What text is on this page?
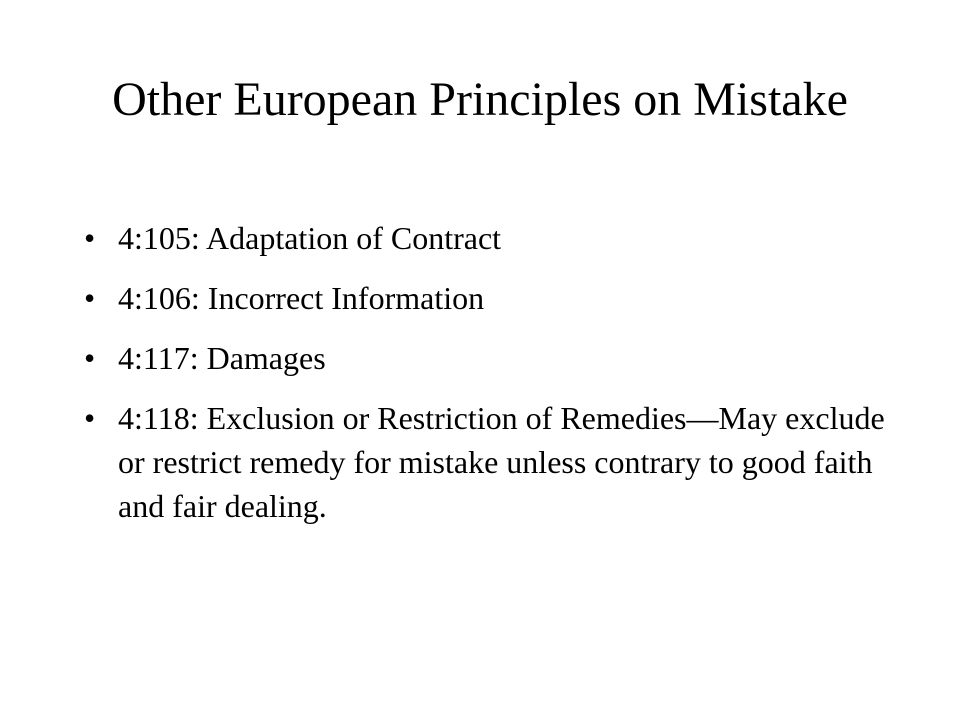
Other European Principles on Mistake
• 4:105: Adaptation of Contract
• 4:106: Incorrect Information
• 4:117: Damages
• 4:118: Exclusion or Restriction of Remedies—May exclude or restrict remedy for mistake unless contrary to good faith and fair dealing.
